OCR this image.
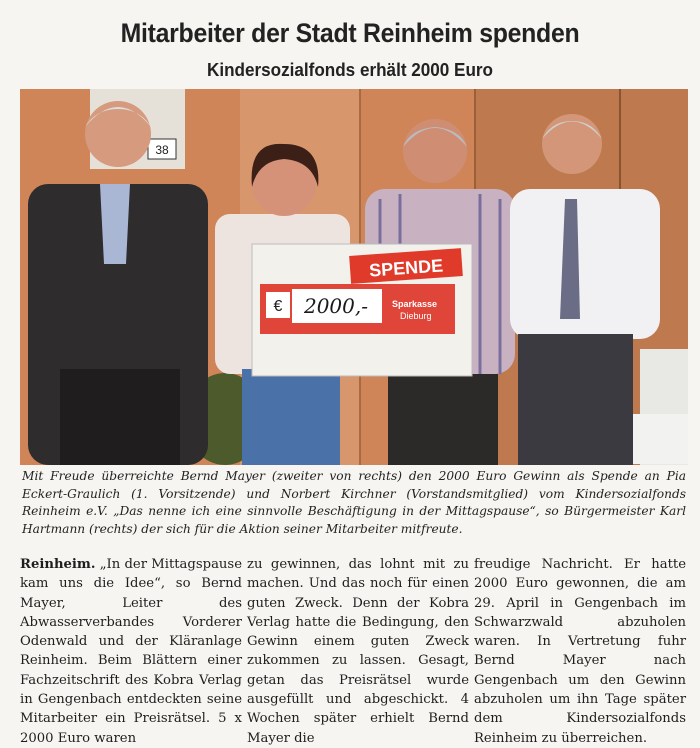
Mitarbeiter der Stadt Reinheim spenden
Kindersozialfonds erhält 2000 Euro
38
SPENDE
€ 2000,-	Sparkasse
Dieburg
Mit Freude überreichte Bernd Mayer (zweiter von rechts) den 2000 Euro Gewinn als Spende an Pia Eckert-Graulich (1. Vorsitzende) und Norbert Kirchner (Vorstandsmitglied) vom Kindersozialfonds Reinheim e.V. „Das nenne ich eine sinnvolle Beschäftigung in der Mittagspause“, so Bürgermeister Karl Hartmann (rechts) der sich für die Aktion seiner Mitarbeiter mitfreute.
Reinheim. „In der Mittagspause kam uns die Idee“, so Bernd Mayer, Leiter des Abwasserverbandes Vorderer Odenwald und der Kläranlage Reinheim. Beim Blättern einer Fachzeitschrift des Kobra Verlag in Gengenbach entdeckten seine Mitarbeiter ein Preisrätsel. 5 x 2000 Euro waren
zu gewinnen, das lohnt mit zu machen. Und das noch für einen guten Zweck. Denn der Kobra Verlag hatte die Bedingung, den Gewinn einem guten Zweck zukommen zu lassen. Gesagt, getan das Preisrätsel wurde ausgefüllt und abgeschickt. 4 Wochen später erhielt Bernd Mayer die
freudige Nachricht. Er hatte 2000 Euro gewonnen, die am 29. April in Gengenbach im Schwarzwald abzuholen waren. In Vertretung fuhr Bernd Mayer nach Gengenbach um den Gewinn abzuholen um ihn Tage später dem Kindersozialfonds Reinheim zu überreichen.
